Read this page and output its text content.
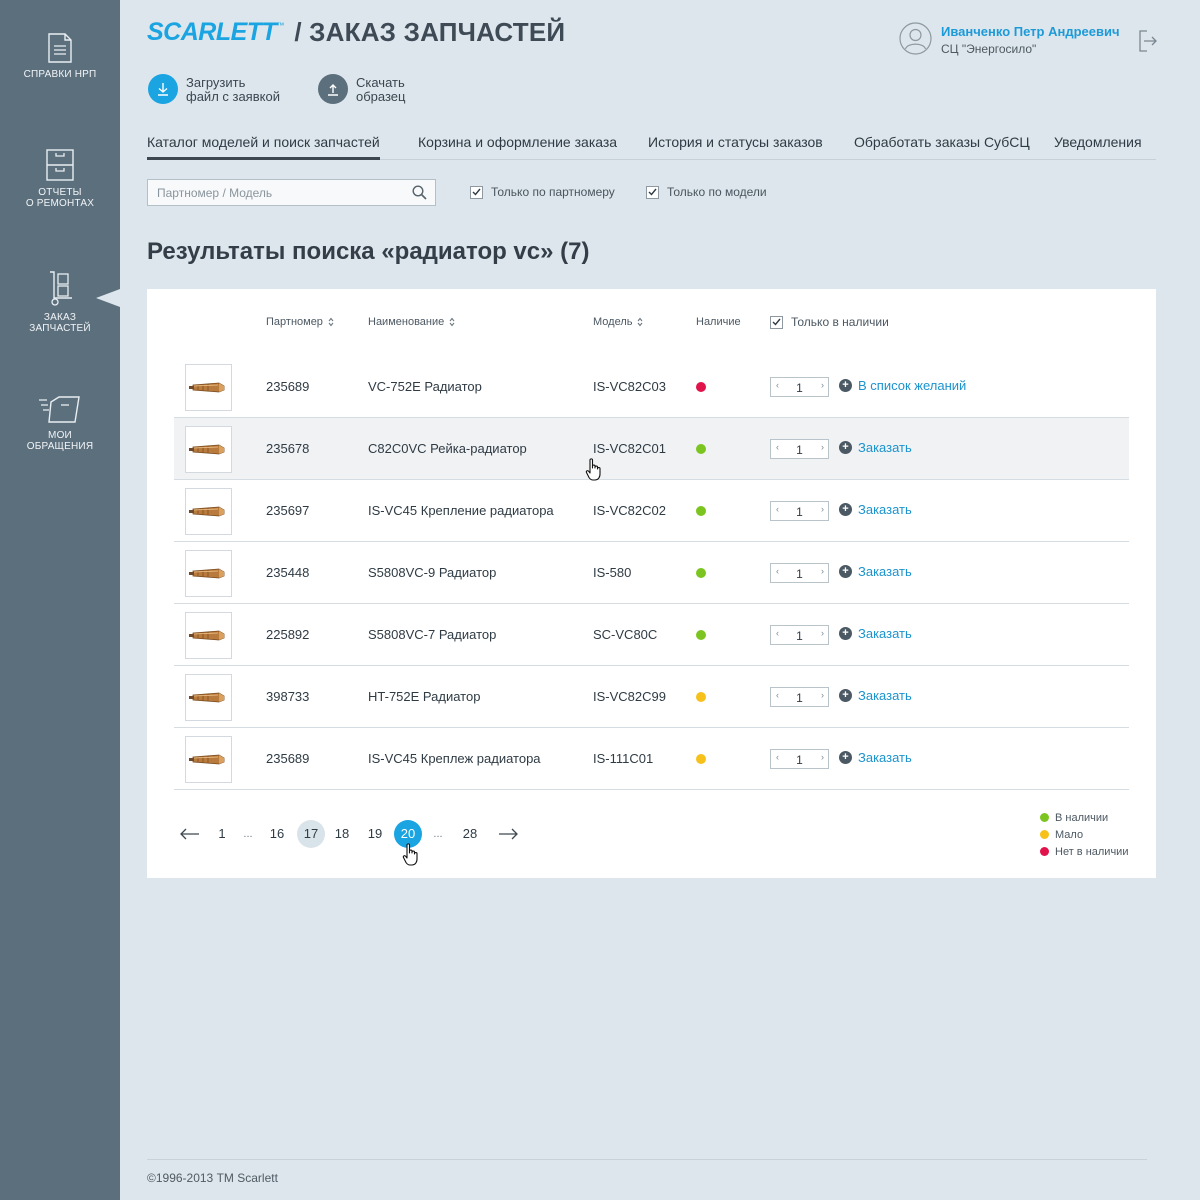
СПРАВКИ НРП
ОТЧЕТЫ
О РЕМОНТАХ
ЗАКАЗ
ЗАПЧАСТЕЙ
МОИ
ОБРАЩЕНИЯ
SCARLETT ™ / ЗАКАЗ ЗАПЧАСТЕЙ	Иванченко Петр Андреевич
СЦ "Энергосило"
Загрузить
файл с заявкой
Скачать
образец
Каталог моделей и поиск запчастей	Корзина и оформление заказа История и статусы заказов Обработать заказы СубСЦ Уведомления
Партномер / Модель
Только по партномеру	Только по модели
Результаты поиска «радиатор vc» (7)
Партномер	Наименование	Модель	Наличие	Только в наличии
235689	VC-752E Радиатор	IS-VC82C03	‹	1	› + В список желаний
235678	C82C0VC Рейка-радиатор	IS-VC82C01	‹	1	› + Заказать
235697	IS-VC45 Крепление радиатора	IS-VC82C02	‹	1	› + Заказать
235448	S5808VC-9 Радиатор	IS-580	‹	1	› + Заказать
225892	S5808VC-7 Радиатор	SC-VC80C	‹	1	› + Заказать
398733	HT-752E Радиатор	IS-VC82C99	‹	1	› + Заказать
235689	IS-VC45 Креплеж радиатора	IS-111C01	‹	1	› + Заказать
1	... 16	17	18 19	20	... 28
В наличии
Мало
Нет в наличии
©1996-2013 ТМ Scarlett
